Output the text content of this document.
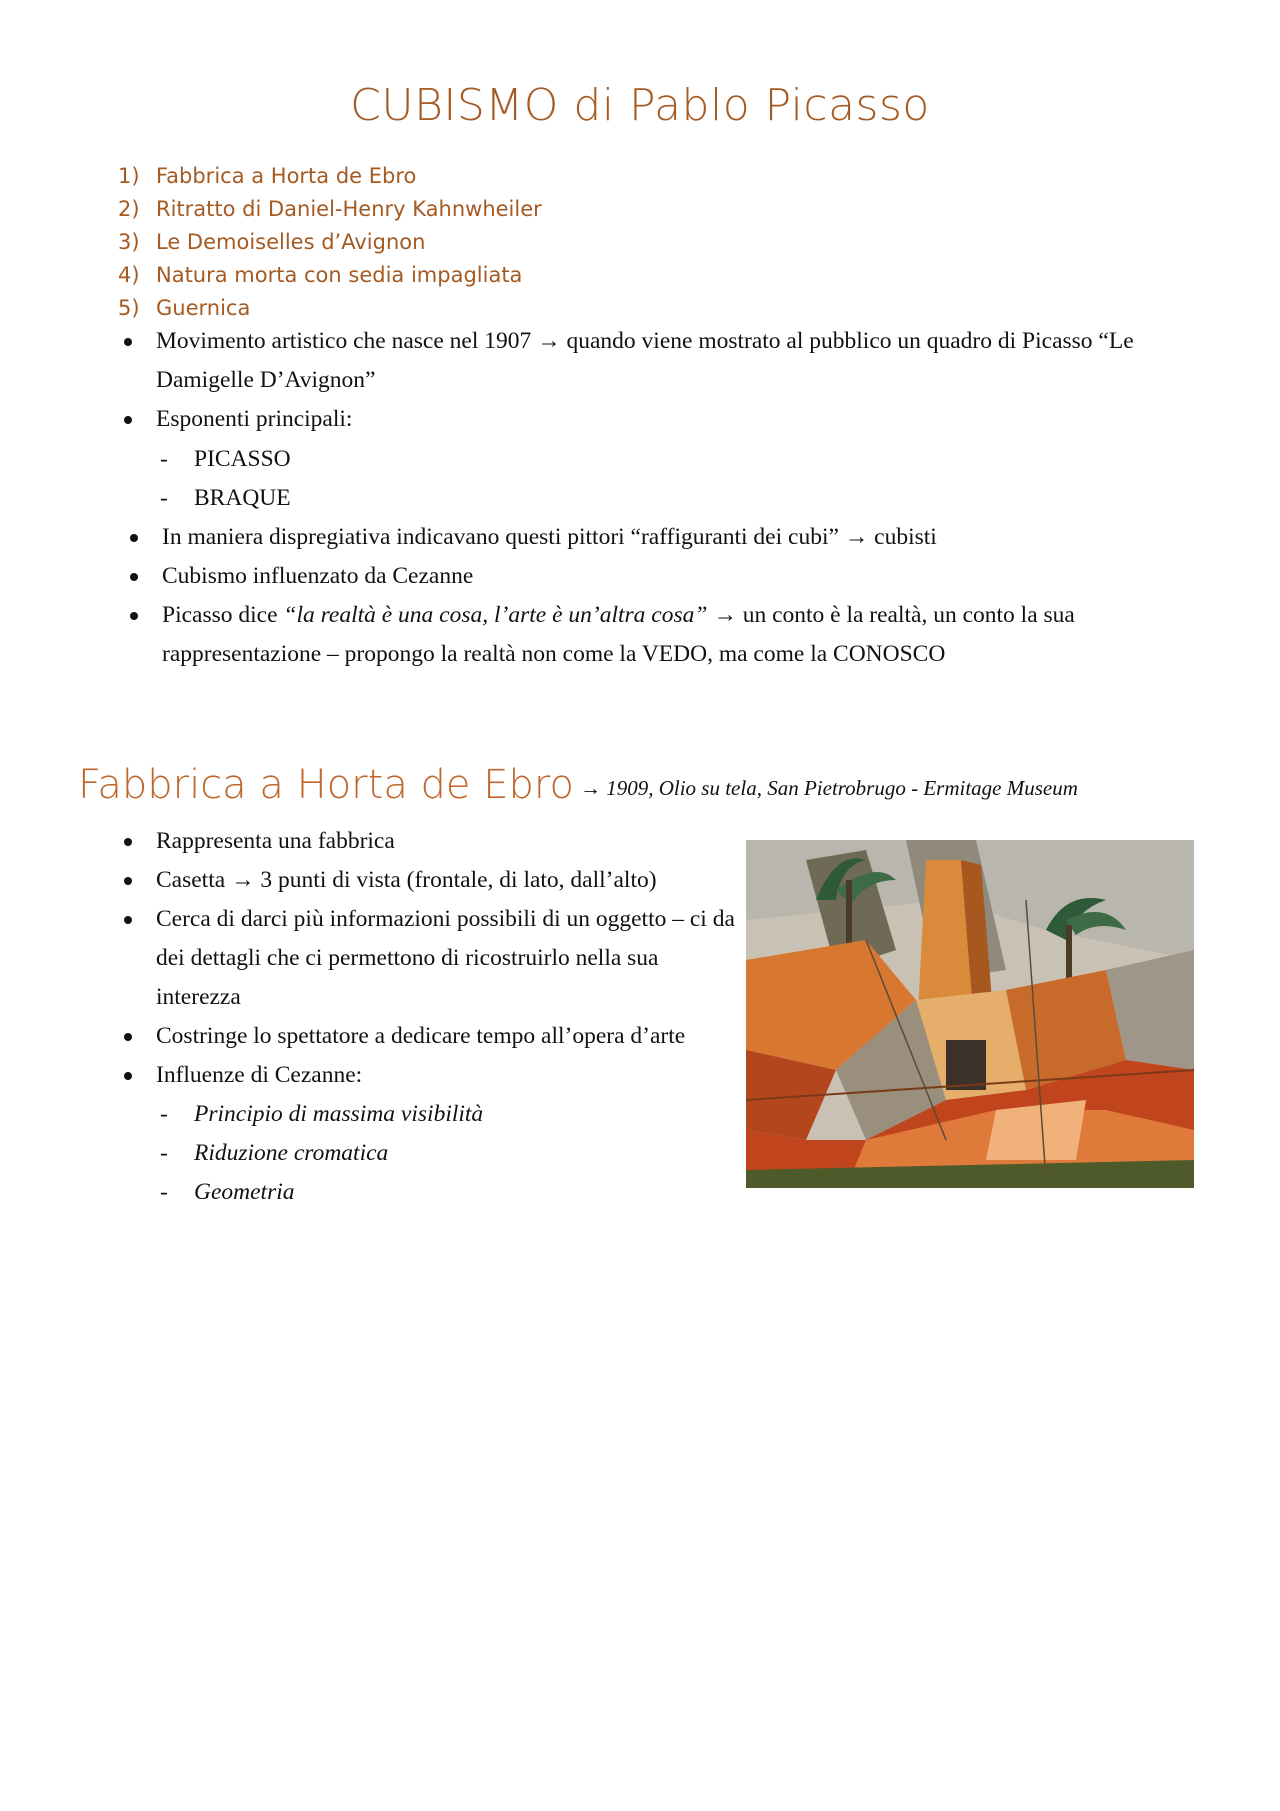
CUBISMO di Pablo Picasso
1) Fabbrica a Horta de Ebro
2) Ritratto di Daniel-Henry Kahnwheiler
3) Le Demoiselles d’Avignon
4) Natura morta con sedia impagliata
5) Guernica
Movimento artistico che nasce nel 1907 → quando viene mostrato al pubblico un quadro di Picasso “Le Damigelle D’Avignon”
Esponenti principali:
-	PICASSO
-	BRAQUE
In maniera dispregiativa indicavano questi pittori “raffiguranti dei cubi” → cubisti
Cubismo influenzato da Cezanne
Picasso dice “la realtà è una cosa, l’arte è un’altra cosa” → un conto è la realtà, un conto la sua rappresentazione – propongo la realtà non come la VEDO, ma come la CONOSCO
Fabbrica a Horta de Ebro → 1909, Olio su tela, San Pietrobrugo - Ermitage Museum
Rappresenta una fabbrica
Casetta → 3 punti di vista (frontale, di lato, dall’alto)
Cerca di darci più informazioni possibili di un oggetto – ci da dei dettagli che ci permettono di ricostruirlo nella sua interezza
Costringe lo spettatore a dedicare tempo all’opera d’arte
Influenze di Cezanne:
-	Principio di massima visibilità
-	Riduzione cromatica
-	Geometria
